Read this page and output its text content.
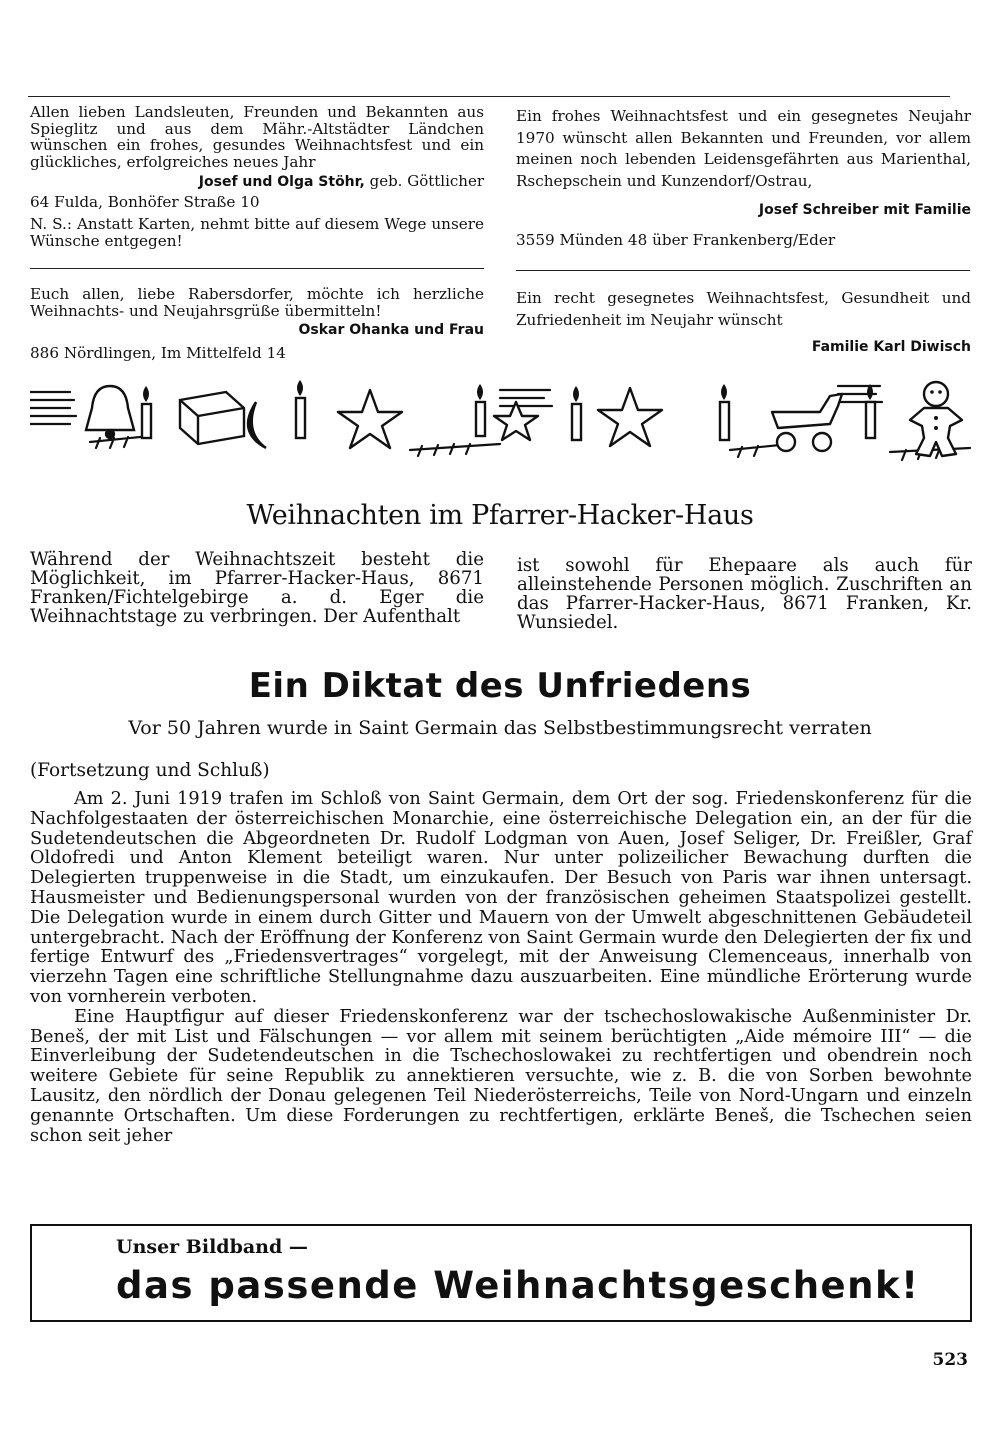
Allen lieben Landsleuten, Freunden und Bekannten aus Spieglitz und aus dem Mähr.-Altstädter Ländchen wünschen ein frohes, gesundes Weihnachtsfest und ein glückliches, erfolgreiches neues Jahr

Josef und Olga Stöhr, geb. Göttlicher

64 Fulda, Bonhöfer Straße 10

N. S.: Anstatt Karten, nehmt bitte auf diesem Wege unsere Wünsche entgegen!

Ein frohes Weihnachtsfest und ein gesegnetes Neujahr 1970 wünscht allen Bekannten und Freunden, vor allem meinen noch lebenden Leidensgefährten aus Marienthal, Rschepschein und Kunzendorf/Ostrau,

Josef Schreiber mit Familie

3559 Münden 48 über Frankenberg/Eder

Euch allen, liebe Rabersdorfer, möchte ich herzliche Weihnachts- und Neujahrsgrüße übermitteln!

Oskar Ohanka und Frau

886 Nördlingen, Im Mittelfeld 14

Ein recht gesegnetes Weihnachtsfest, Gesundheit und Zufriedenheit im Neujahr wünscht

Familie Karl Diwisch

Weihnachten im Pfarrer-Hacker-Haus

Während der Weihnachtszeit besteht die Möglichkeit, im Pfarrer-Hacker-Haus, 8671 Franken/Fichtelgebirge a. d. Eger die Weihnachtstage zu verbringen. Der Aufenthalt

ist sowohl für Ehepaare als auch für alleinstehende Personen möglich. Zuschriften an das Pfarrer-Hacker-Haus, 8671 Franken, Kr. Wunsiedel.

Ein Diktat des Unfriedens
Vor 50 Jahren wurde in Saint Germain das Selbstbestimmungsrecht verraten
(Fortsetzung und Schluß)

Am 2. Juni 1919 trafen im Schloß von Saint Germain, dem Ort der sog. Friedenskonferenz für die Nachfolgestaaten der österreichischen Monarchie, eine österreichische Delegation ein, an der für die Sudetendeutschen die Abgeordneten Dr. Rudolf Lodgman von Auen, Josef Seliger, Dr. Freißler, Graf Oldofredi und Anton Klement beteiligt waren. Nur unter polizeilicher Bewachung durften die Delegierten truppenweise in die Stadt, um einzukaufen. Der Besuch von Paris war ihnen untersagt. Hausmeister und Bedienungspersonal wurden von der französischen geheimen Staatspolizei gestellt. Die Delegation wurde in einem durch Gitter und Mauern von der Umwelt abgeschnittenen Gebäudeteil untergebracht. Nach der Eröffnung der Konferenz von Saint Germain wurde den Delegierten der fix und fertige Entwurf des „Friedensvertrages“ vorgelegt, mit der Anweisung Clemenceaus, innerhalb von vierzehn Tagen eine schriftliche Stellungnahme dazu auszuarbeiten. Eine mündliche Erörterung wurde von vornherein verboten.

Eine Hauptfigur auf dieser Friedenskonferenz war der tschechoslowakische Außenminister Dr. Beneš, der mit List und Fälschungen — vor allem mit seinem berüchtigten „Aide mémoire III“ — die Einverleibung der Sudetendeutschen in die Tschechoslowakei zu rechtfertigen und obendrein noch weitere Gebiete für seine Republik zu annektieren versuchte, wie z. B. die von Sorben bewohnte Lausitz, den nördlich der Donau gelegenen Teil Niederösterreichs, Teile von Nord-Ungarn und einzeln genannte Ortschaften. Um diese Forderungen zu rechtfertigen, erklärte Beneš, die Tschechen seien schon seit jeher

Unser Bildband —
das passende Weihnachtsgeschenk!
523
